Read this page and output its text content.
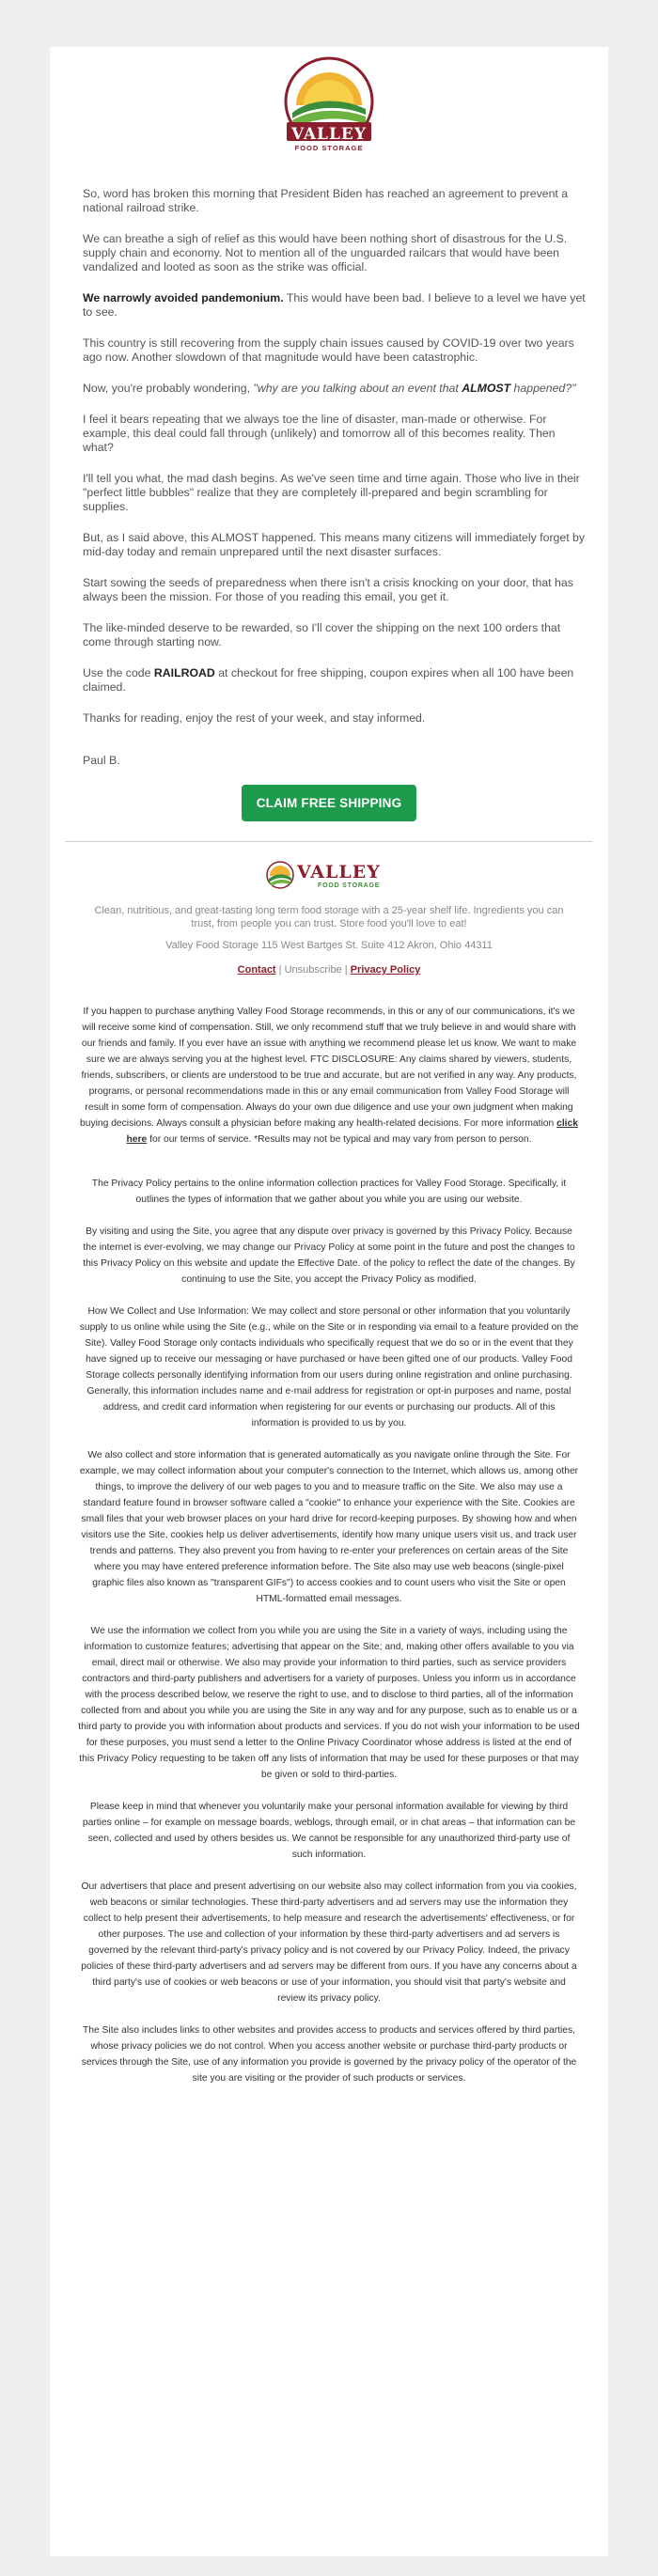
VALLEY
FOOD STORAGE

So, word has broken this morning that President Biden has reached an agreement to prevent a national railroad strike.

We can breathe a sigh of relief as this would have been nothing short of disastrous for the U.S. supply chain and economy. Not to mention all of the unguarded railcars that would have been vandalized and looted as soon as the strike was official.

We narrowly avoided pandemonium. This would have been bad. I believe to a level we have yet to see.

This country is still recovering from the supply chain issues caused by COVID-19 over two years ago now. Another slowdown of that magnitude would have been catastrophic.

Now, you're probably wondering, "why are you talking about an event that ALMOST happened?"

I feel it bears repeating that we always toe the line of disaster, man-made or otherwise. For example, this deal could fall through (unlikely) and tomorrow all of this becomes reality. Then what?

I'll tell you what, the mad dash begins. As we've seen time and time again. Those who live in their "perfect little bubbles" realize that they are completely ill-prepared and begin scrambling for supplies.

But, as I said above, this ALMOST happened. This means many citizens will immediately forget by mid-day today and remain unprepared until the next disaster surfaces.

Start sowing the seeds of preparedness when there isn't a crisis knocking on your door, that has always been the mission. For those of you reading this email, you get it.

The like-minded deserve to be rewarded, so I'll cover the shipping on the next 100 orders that come through starting now.

Use the code RAILROAD at checkout for free shipping, coupon expires when all 100 have been claimed.

Thanks for reading, enjoy the rest of your week, and stay informed.

Paul B.

CLAIM FREE SHIPPING
VALLEY
FOOD STORAGE
Clean, nutritious, and great-tasting long term food storage with a 25-year shelf life. Ingredients you can trust, from people you can trust. Store food you'll love to eat!
Valley Food Storage 115 West Bartges St. Suite 412 Akron, Ohio 44311
Contact | Unsubscribe | Privacy Policy

If you happen to purchase anything Valley Food Storage recommends, in this or any of our communications, it's we will receive some kind of compensation. Still, we only recommend stuff that we truly believe in and would share with our friends and family. If you ever have an issue with anything we recommend please let us know. We want to make sure we are always serving you at the highest level. FTC DISCLOSURE: Any claims shared by viewers, students, friends, subscribers, or clients are understood to be true and accurate, but are not verified in any way. Any products, programs, or personal recommendations made in this or any email communication from Valley Food Storage will result in some form of compensation. Always do your own due diligence and use your own judgment when making buying decisions. Always consult a physician before making any health-related decisions. For more information click here for our terms of service. *Results may not be typical and may vary from person to person.

The Privacy Policy pertains to the online information collection practices for Valley Food Storage. Specifically, it outlines the types of information that we gather about you while you are using our website.

By visiting and using the Site, you agree that any dispute over privacy is governed by this Privacy Policy. Because the internet is ever-evolving, we may change our Privacy Policy at some point in the future and post the changes to this Privacy Policy on this website and update the Effective Date. of the policy to reflect the date of the changes. By continuing to use the Site, you accept the Privacy Policy as modified.

How We Collect and Use Information: We may collect and store personal or other information that you voluntarily supply to us online while using the Site (e.g., while on the Site or in responding via email to a feature provided on the Site). Valley Food Storage only contacts individuals who specifically request that we do so or in the event that they have signed up to receive our messaging or have purchased or have been gifted one of our products. Valley Food Storage collects personally identifying information from our users during online registration and online purchasing. Generally, this information includes name and e-mail address for registration or opt-in purposes and name, postal address, and credit card information when registering for our events or purchasing our products. All of this information is provided to us by you.

We also collect and store information that is generated automatically as you navigate online through the Site. For example, we may collect information about your computer's connection to the Internet, which allows us, among other things, to improve the delivery of our web pages to you and to measure traffic on the Site. We also may use a standard feature found in browser software called a "cookie" to enhance your experience with the Site. Cookies are small files that your web browser places on your hard drive for record-keeping purposes. By showing how and when visitors use the Site, cookies help us deliver advertisements, identify how many unique users visit us, and track user trends and patterns. They also prevent you from having to re-enter your preferences on certain areas of the Site where you may have entered preference information before. The Site also may use web beacons (single-pixel graphic files also known as "transparent GIFs") to access cookies and to count users who visit the Site or open HTML-formatted email messages.

We use the information we collect from you while you are using the Site in a variety of ways, including using the information to customize features; advertising that appear on the Site; and, making other offers available to you via email, direct mail or otherwise. We also may provide your information to third parties, such as service providers contractors and third-party publishers and advertisers for a variety of purposes. Unless you inform us in accordance with the process described below, we reserve the right to use, and to disclose to third parties, all of the information collected from and about you while you are using the Site in any way and for any purpose, such as to enable us or a third party to provide you with information about products and services. If you do not wish your information to be used for these purposes, you must send a letter to the Online Privacy Coordinator whose address is listed at the end of this Privacy Policy requesting to be taken off any lists of information that may be used for these purposes or that may be given or sold to third-parties.

Please keep in mind that whenever you voluntarily make your personal information available for viewing by third parties online – for example on message boards, weblogs, through email, or in chat areas – that information can be seen, collected and used by others besides us. We cannot be responsible for any unauthorized third-party use of such information.

Our advertisers that place and present advertising on our website also may collect information from you via cookies, web beacons or similar technologies. These third-party advertisers and ad servers may use the information they collect to help present their advertisements, to help measure and research the advertisements' effectiveness, or for other purposes. The use and collection of your information by these third-party advertisers and ad servers is governed by the relevant third-party's privacy policy and is not covered by our Privacy Policy. Indeed, the privacy policies of these third-party advertisers and ad servers may be different from ours. If you have any concerns about a third party's use of cookies or web beacons or use of your information, you should visit that party's website and review its privacy policy.

The Site also includes links to other websites and provides access to products and services offered by third parties, whose privacy policies we do not control. When you access another website or purchase third-party products or services through the Site, use of any information you provide is governed by the privacy policy of the operator of the site you are visiting or the provider of such products or services.
